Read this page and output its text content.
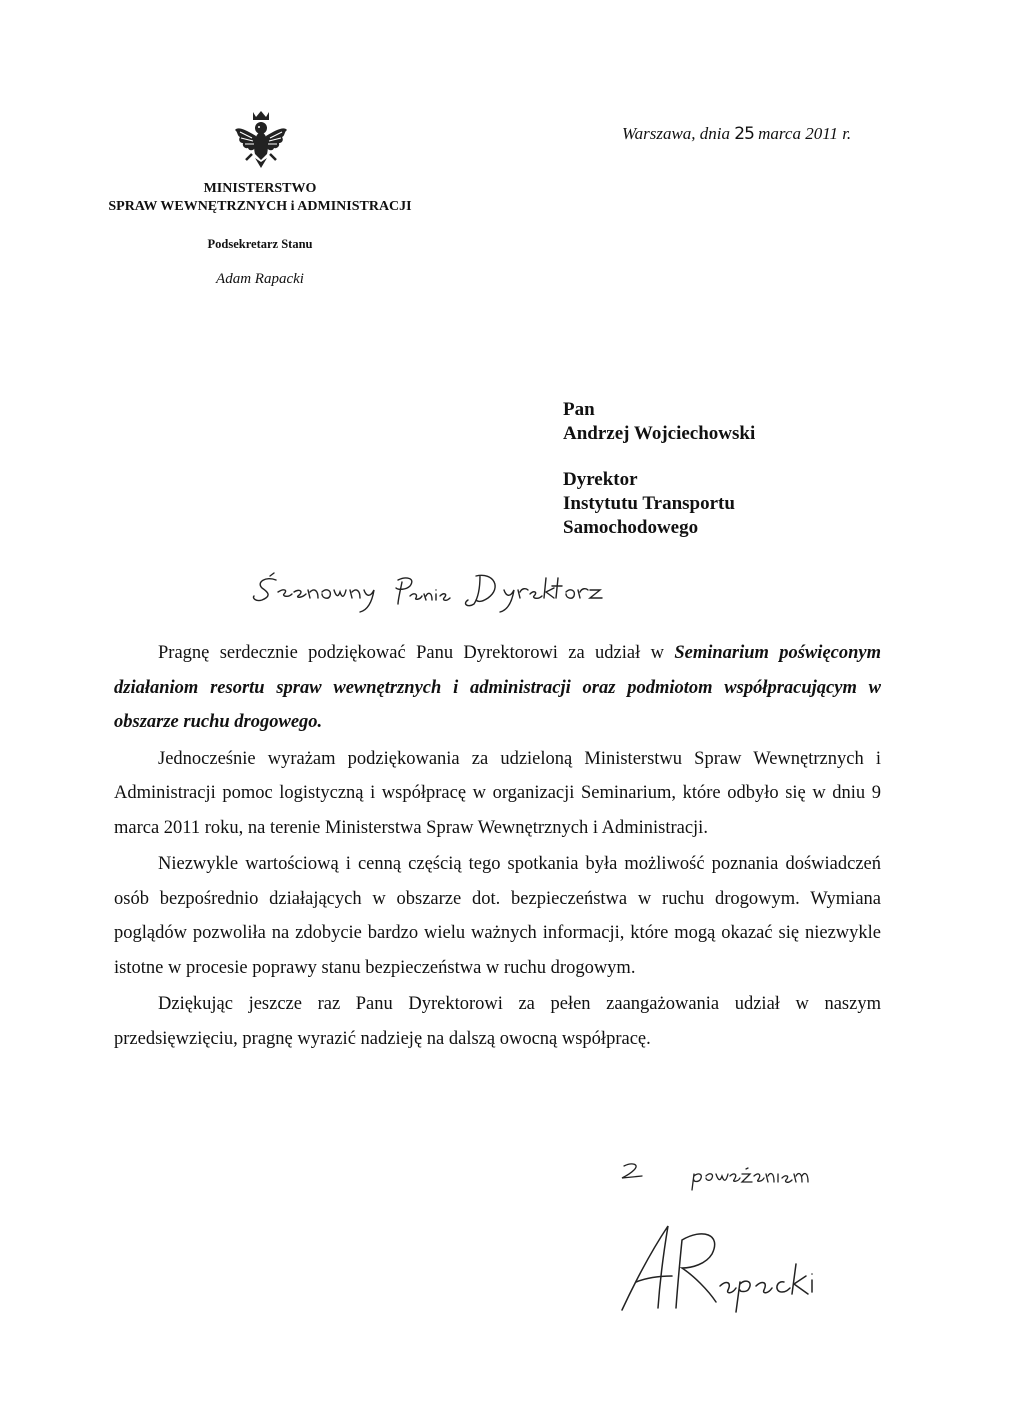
MINISTERSTWO
SPRAW WEWNĘTRZNYCH i ADMINISTRACJI
Podsekretarz Stanu
Adam Rapacki
Warszawa, dnia 25 marca 2011 r.
Pan
Andrzej Wojciechowski
Dyrektor
Instytutu Transportu
Samochodowego

Pragnę serdecznie podziękować Panu Dyrektorowi za udział w Seminarium poświęconym działaniom resortu spraw wewnętrznych i administracji oraz podmiotom współpracującym w obszarze ruchu drogowego.

Jednocześnie wyrażam podziękowania za udzieloną Ministerstwu Spraw Wewnętrznych i Administracji pomoc logistyczną i współpracę w organizacji Seminarium, które odbyło się w dniu 9 marca 2011 roku, na terenie Ministerstwa Spraw Wewnętrznych i Administracji.

Niezwykle wartościową i cenną częścią tego spotkania była możliwość poznania doświadczeń osób bezpośrednio działających w obszarze dot. bezpieczeństwa w ruchu drogowym. Wymiana poglądów pozwoliła na zdobycie bardzo wielu ważnych informacji, które mogą okazać się niezwykle istotne w procesie poprawy stanu bezpieczeństwa w ruchu drogowym.

Dziękując jeszcze raz Panu Dyrektorowi za pełen zaangażowania udział w naszym przedsięwzięciu, pragnę wyrazić nadzieję na dalszą owocną współpracę.
